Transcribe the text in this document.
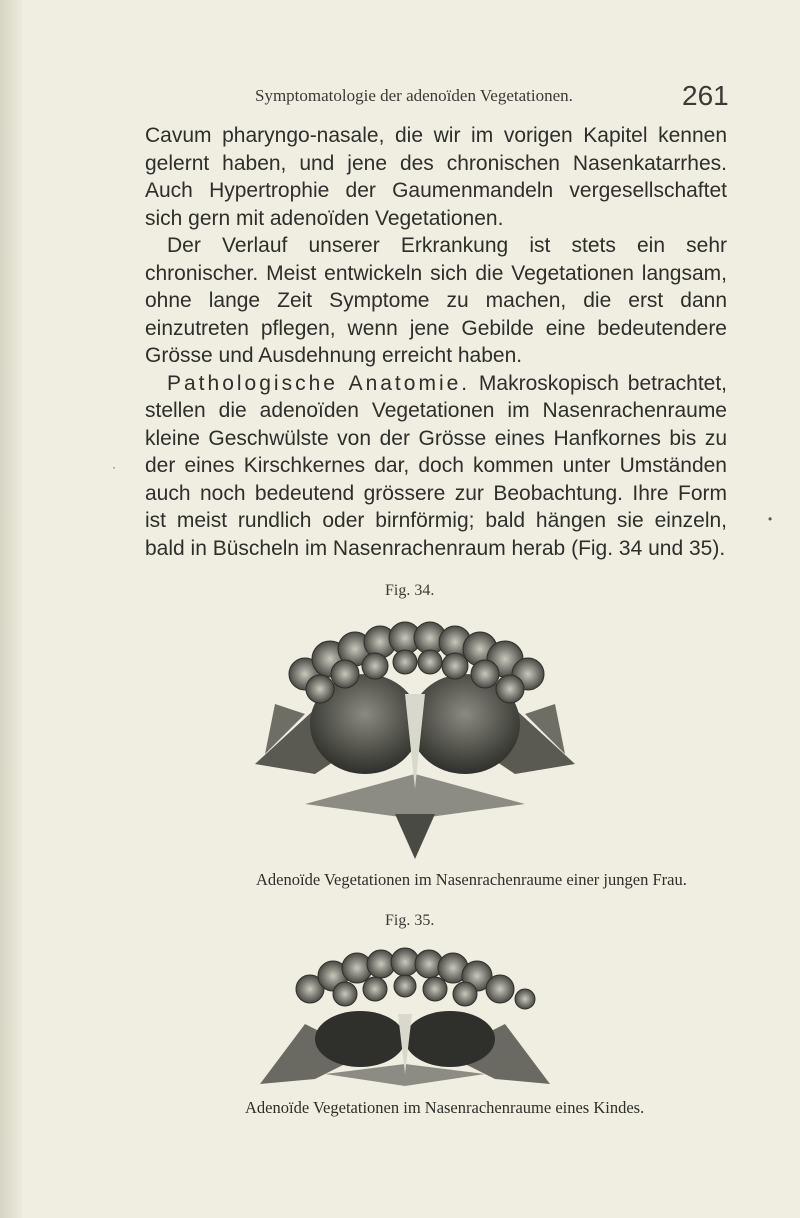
Symptomatologie der adenoïden Vegetationen.	261

Cavum pharyngo-nasale, die wir im vorigen Kapitel kennen gelernt haben, und jene des chronischen Nasenkatarrhes. Auch Hypertrophie der Gaumenmandeln vergesellschaftet sich gern mit adenoïden Vegetationen.

Der Verlauf unserer Erkrankung ist stets ein sehr chronischer. Meist entwickeln sich die Vegetationen langsam, ohne lange Zeit Symptome zu machen, die erst dann einzutreten pflegen, wenn jene Gebilde eine bedeutendere Grösse und Ausdehnung erreicht haben.

Pathologische Anatomie. Makroskopisch betrachtet, stellen die adenoïden Vegetationen im Nasenrachenraume kleine Geschwülste von der Grösse eines Hanfkornes bis zu der eines Kirschkernes dar, doch kommen unter Umständen auch noch bedeutend grössere zur Beobachtung. Ihre Form ist meist rundlich oder birnförmig; bald hängen sie einzeln, bald in Büscheln im Nasenrachenraum herab (Fig. 34 und 35).

·
•
Fig. 34.
Adenoïde Vegetationen im Nasenrachenraume einer jungen Frau.
Fig. 35.
Adenoïde Vegetationen im Nasenrachenraume eines Kindes.
